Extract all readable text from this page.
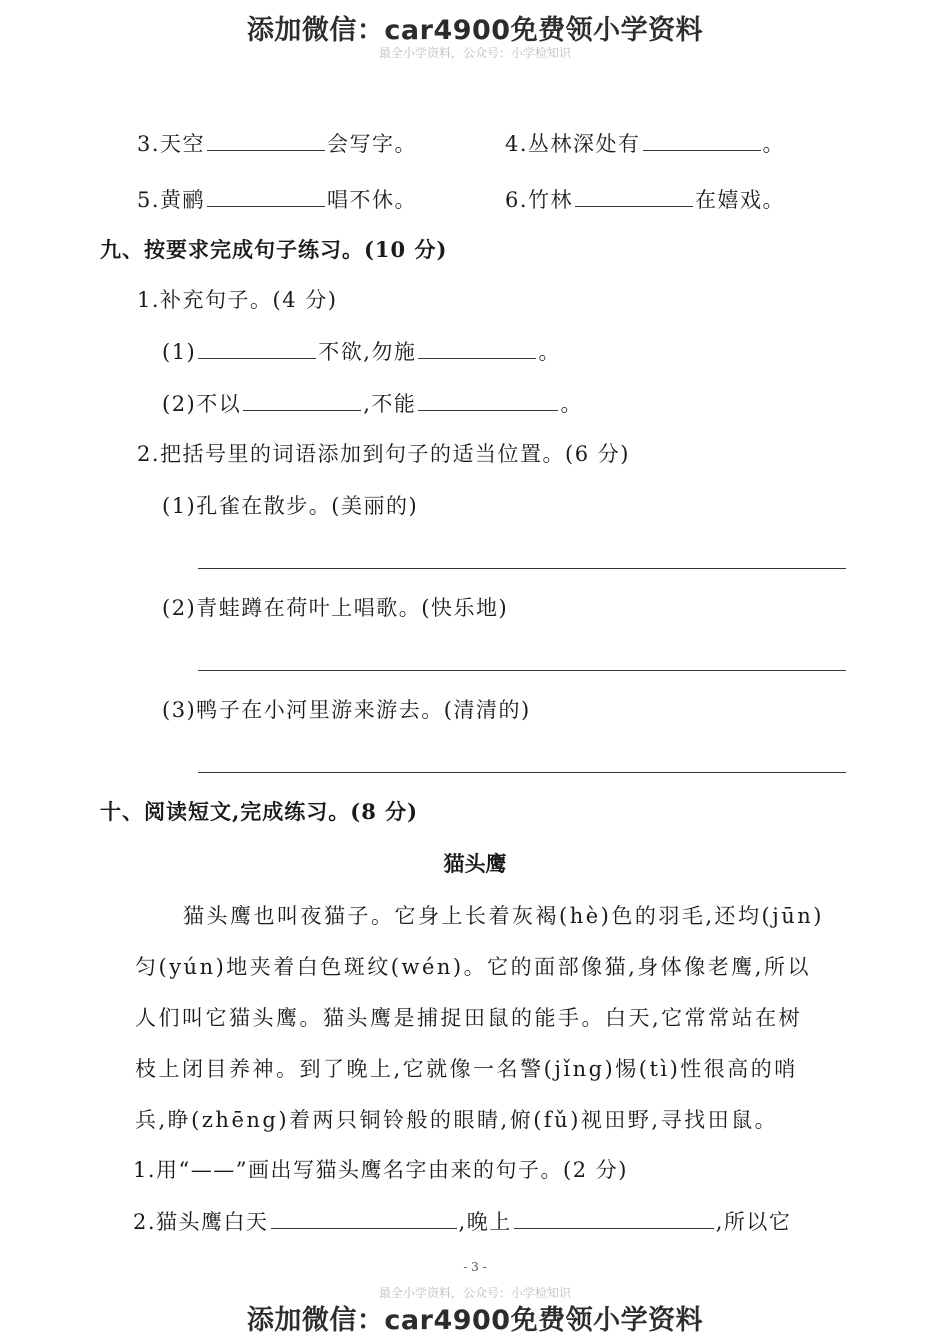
添加微信：car4900免费领小学资料
最全小学资料，公众号：小学检知识
3.天空	会写字。	4.丛林深处有	。
5.黄鹂	唱不休。	6.竹林	在嬉戏。
九、按要求完成句子练习。(10 分)
1.补充句子。(4 分)
(1)	不欲,勿施	。
(2)不以	,不能	。
2.把括号里的词语添加到句子的适当位置。(6 分)
(1)孔雀在散步。(美丽的)
(2)青蛙蹲在荷叶上唱歌。(快乐地)
(3)鸭子在小河里游来游去。(清清的)
十、阅读短文,完成练习。(8 分)
猫头鹰
猫头鹰也叫夜猫子。它身上长着灰褐(hè)色的羽毛,还均(jūn)
匀(yún)地夹着白色斑纹(wén)。它的面部像猫,身体像老鹰,所以
人们叫它猫头鹰。猫头鹰是捕捉田鼠的能手。白天,它常常站在树
枝上闭目养神。到了晚上,它就像一名警(jǐng)惕(tì)性很高的哨
兵,睁(zhēng)着两只铜铃般的眼睛,俯(fǔ)视田野,寻找田鼠。
1.用“——”画出写猫头鹰名字由来的句子。(2 分)
2.猫头鹰白天	,晚上	,所以它
- 3 -
最全小学资料，公众号：小学检知识
添加微信：car4900免费领小学资料
